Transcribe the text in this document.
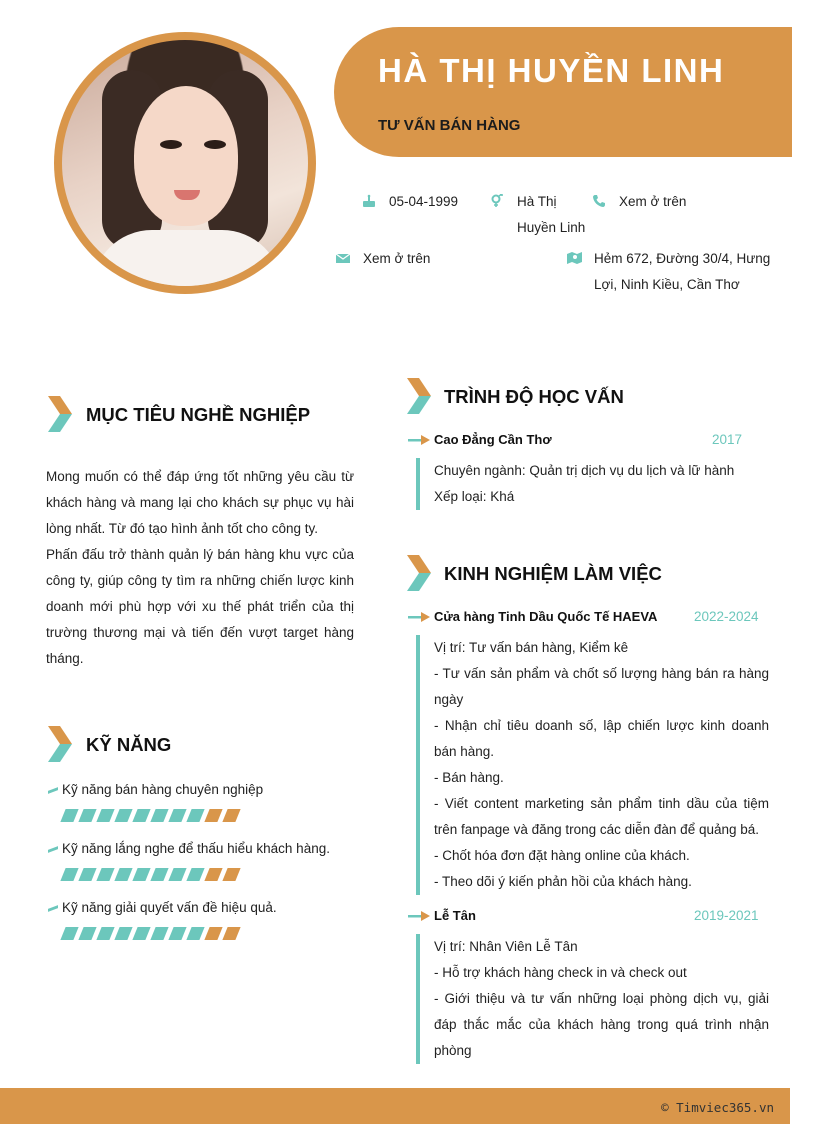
HÀ THỊ HUYỀN LINH
TƯ VẤN BÁN HÀNG
05-04-1999	Hà Thị
Huyền Linh
Xem ở trên
Xem ở trên	Hẻm 672, Đường 30/4, Hưng
Lợi, Ninh Kiều, Cần Thơ
MỤC TIÊU NGHỀ NGHIỆP
Mong muốn có thể đáp ứng tốt những yêu cầu từ khách hàng và mang lại cho khách sự phục vụ hài lòng nhất. Từ đó tạo hình ảnh tốt cho công ty.
Phấn đấu trở thành quản lý bán hàng khu vực của công ty, giúp công ty tìm ra những chiến lược kinh doanh mới phù hợp với xu thế phát triển của thị trường thương mại và tiến đến vượt target hàng tháng.
KỸ NĂNG
Kỹ năng bán hàng chuyên nghiệp
Kỹ năng lắng nghe để thấu hiểu khách hàng.
Kỹ năng giải quyết vấn đề hiệu quả.
TRÌNH ĐỘ HỌC VẤN
Cao Đẳng Cần Thơ	2017
Chuyên ngành: Quản trị dịch vụ du lịch và lữ hành
Xếp loại: Khá
KINH NGHIỆM LÀM VIỆC
Cửa hàng Tinh Dầu Quốc Tế HAEVA	2022-2024
Vị trí: Tư vấn bán hàng, Kiểm kê
- Tư vấn sản phẩm và chốt số lượng hàng bán ra hàng ngày
- Nhận chỉ tiêu doanh số, lập chiến lược kinh doanh bán hàng.
- Bán hàng.
- Viết content marketing sản phẩm tinh dầu của tiệm trên fanpage và đăng trong các diễn đàn để quảng bá.
- Chốt hóa đơn đặt hàng online của khách.
- Theo dõi ý kiến phản hồi của khách hàng.
Lễ Tân	2019-2021
Vị trí: Nhân Viên Lễ Tân
- Hỗ trợ khách hàng check in và check out
- Giới thiệu và tư vấn những loại phòng dịch vụ, giải đáp thắc mắc của khách hàng trong quá trình nhận phòng
© Timviec365.vn
